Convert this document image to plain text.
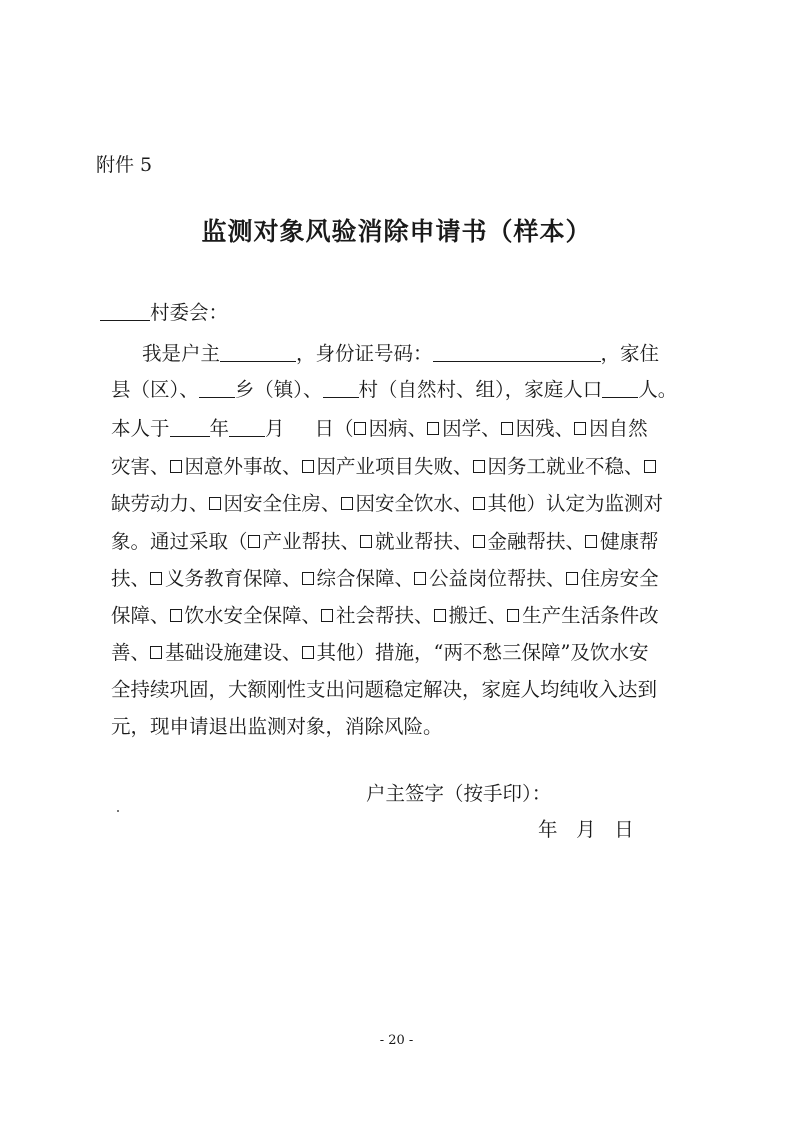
附件 5
监测对象风验消除申请书（样本）
村委会：
我是户主	，身份证号码：	，家住
县（区）、 乡（镇）、 村（自然村、组），家庭人口 人。
本人于 年 月 日（ 因病、 因学、 因残、 因自然
灾害、 因意外事故、 因产业项目失败、 因务工就业不稳、
缺劳动力、 因安全住房、 因安全饮水、 其他）认定为监测对
象。通过采取（ 产业帮扶、 就业帮扶、 金融帮扶、 健康帮
扶、 义务教育保障、 综合保障、 公益岗位帮扶、 住房安全
保障、 饮水安全保障、 社会帮扶、 搬迁、 生产生活条件改
善、 基础设施建设、 其他）措施，“两不愁三保障”及饮水安
全持续巩固，大额刚性支出问题稳定解决，家庭人均纯收入达到
元，现申请退出监测对象，消除风险。
户主签字（按手印）：
年   月   日
- 20 -
